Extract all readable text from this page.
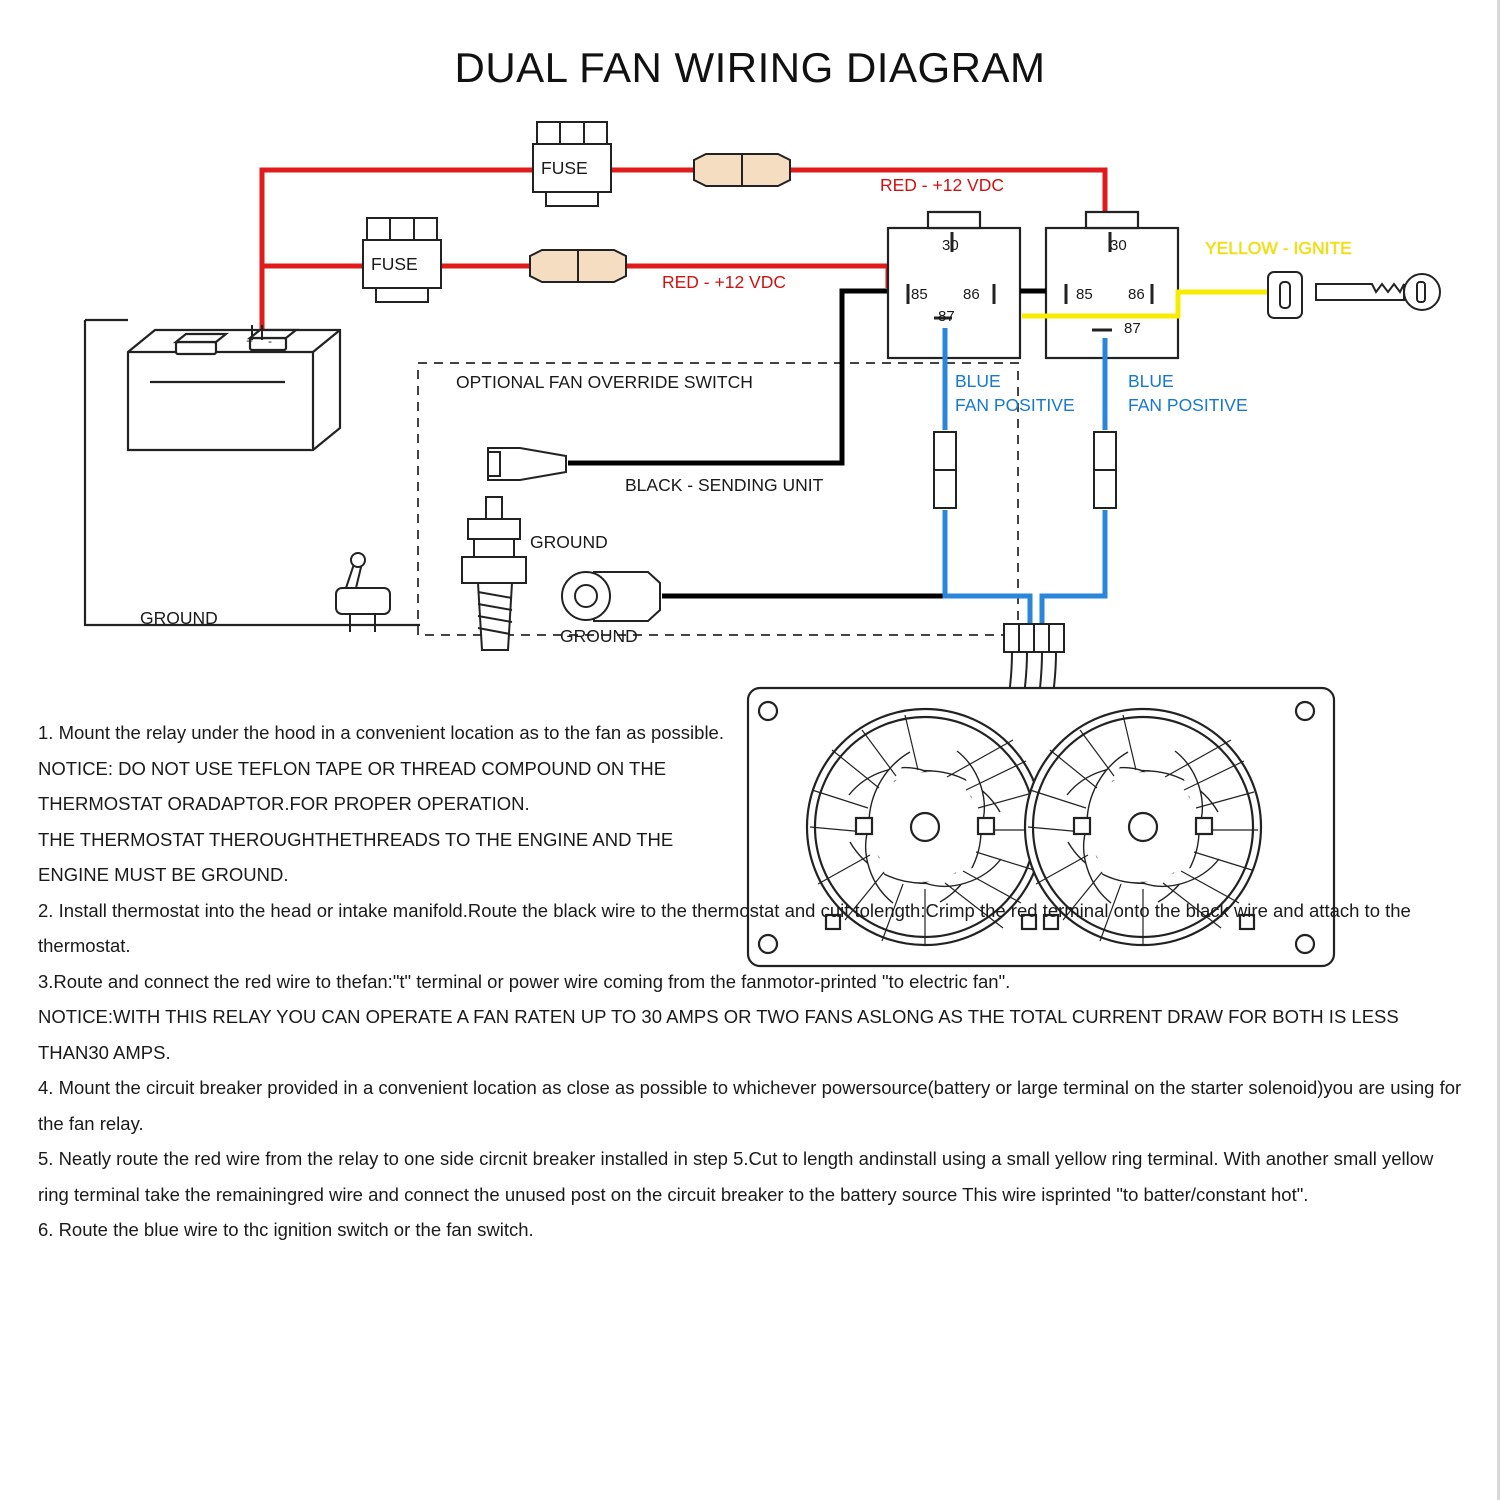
DUAL FAN WIRING DIAGRAM
+ -
RED - +12 VDC
RED - +12 VDC
YELLOW - IGNITE
FUSE
FUSE
30
85 86
87
30
85 86
87
BLUE
FAN POSITIVE
BLUE
FAN POSITIVE
OPTIONAL FAN OVERRIDE SWITCH
BLACK - SENDING UNIT
GROUND
GROUND
GROUND

1. Mount the relay under the hood in a convenient location as to the fan as possible.

NOTICE: DO NOT USE TEFLON TAPE OR THREAD COMPOUND ON THE THERMOSTAT ORADAPTOR.FOR PROPER OPERATION.

THE THERMOSTAT THEROUGHTHETHREADS TO THE ENGINE AND THE ENGINE MUST BE GROUND.

2. Install thermostat into the head or intake manifold.Route the black wire to the thermostat and cuit tolength:Crimp the red terminal onto the black wire and attach to the thermostat.

3.Route and connect the red wire to thefan:"t" terminal or power wire coming from the fanmotor-printed "to electric fan".

NOTICE:WITH THIS RELAY YOU CAN OPERATE A FAN RATEN UP TO 30 AMPS OR TWO FANS ASLONG AS THE TOTAL CURRENT DRAW FOR BOTH IS LESS THAN30 AMPS.

4. Mount the circuit breaker provided in a convenient location as close as possible to whichever powersource(battery or large terminal on the starter solenoid)you are using for the fan relay.

5. Neatly route the red wire from the relay to one side circnit breaker installed in step 5.Cut to length andinstall using a small yellow ring terminal. With another small yellow ring terminal take the remainingred wire and connect the unused post on the circuit breaker to the battery source This wire isprinted "to batter/constant hot".

6. Route the blue wire to thc ignition switch or the fan switch.
